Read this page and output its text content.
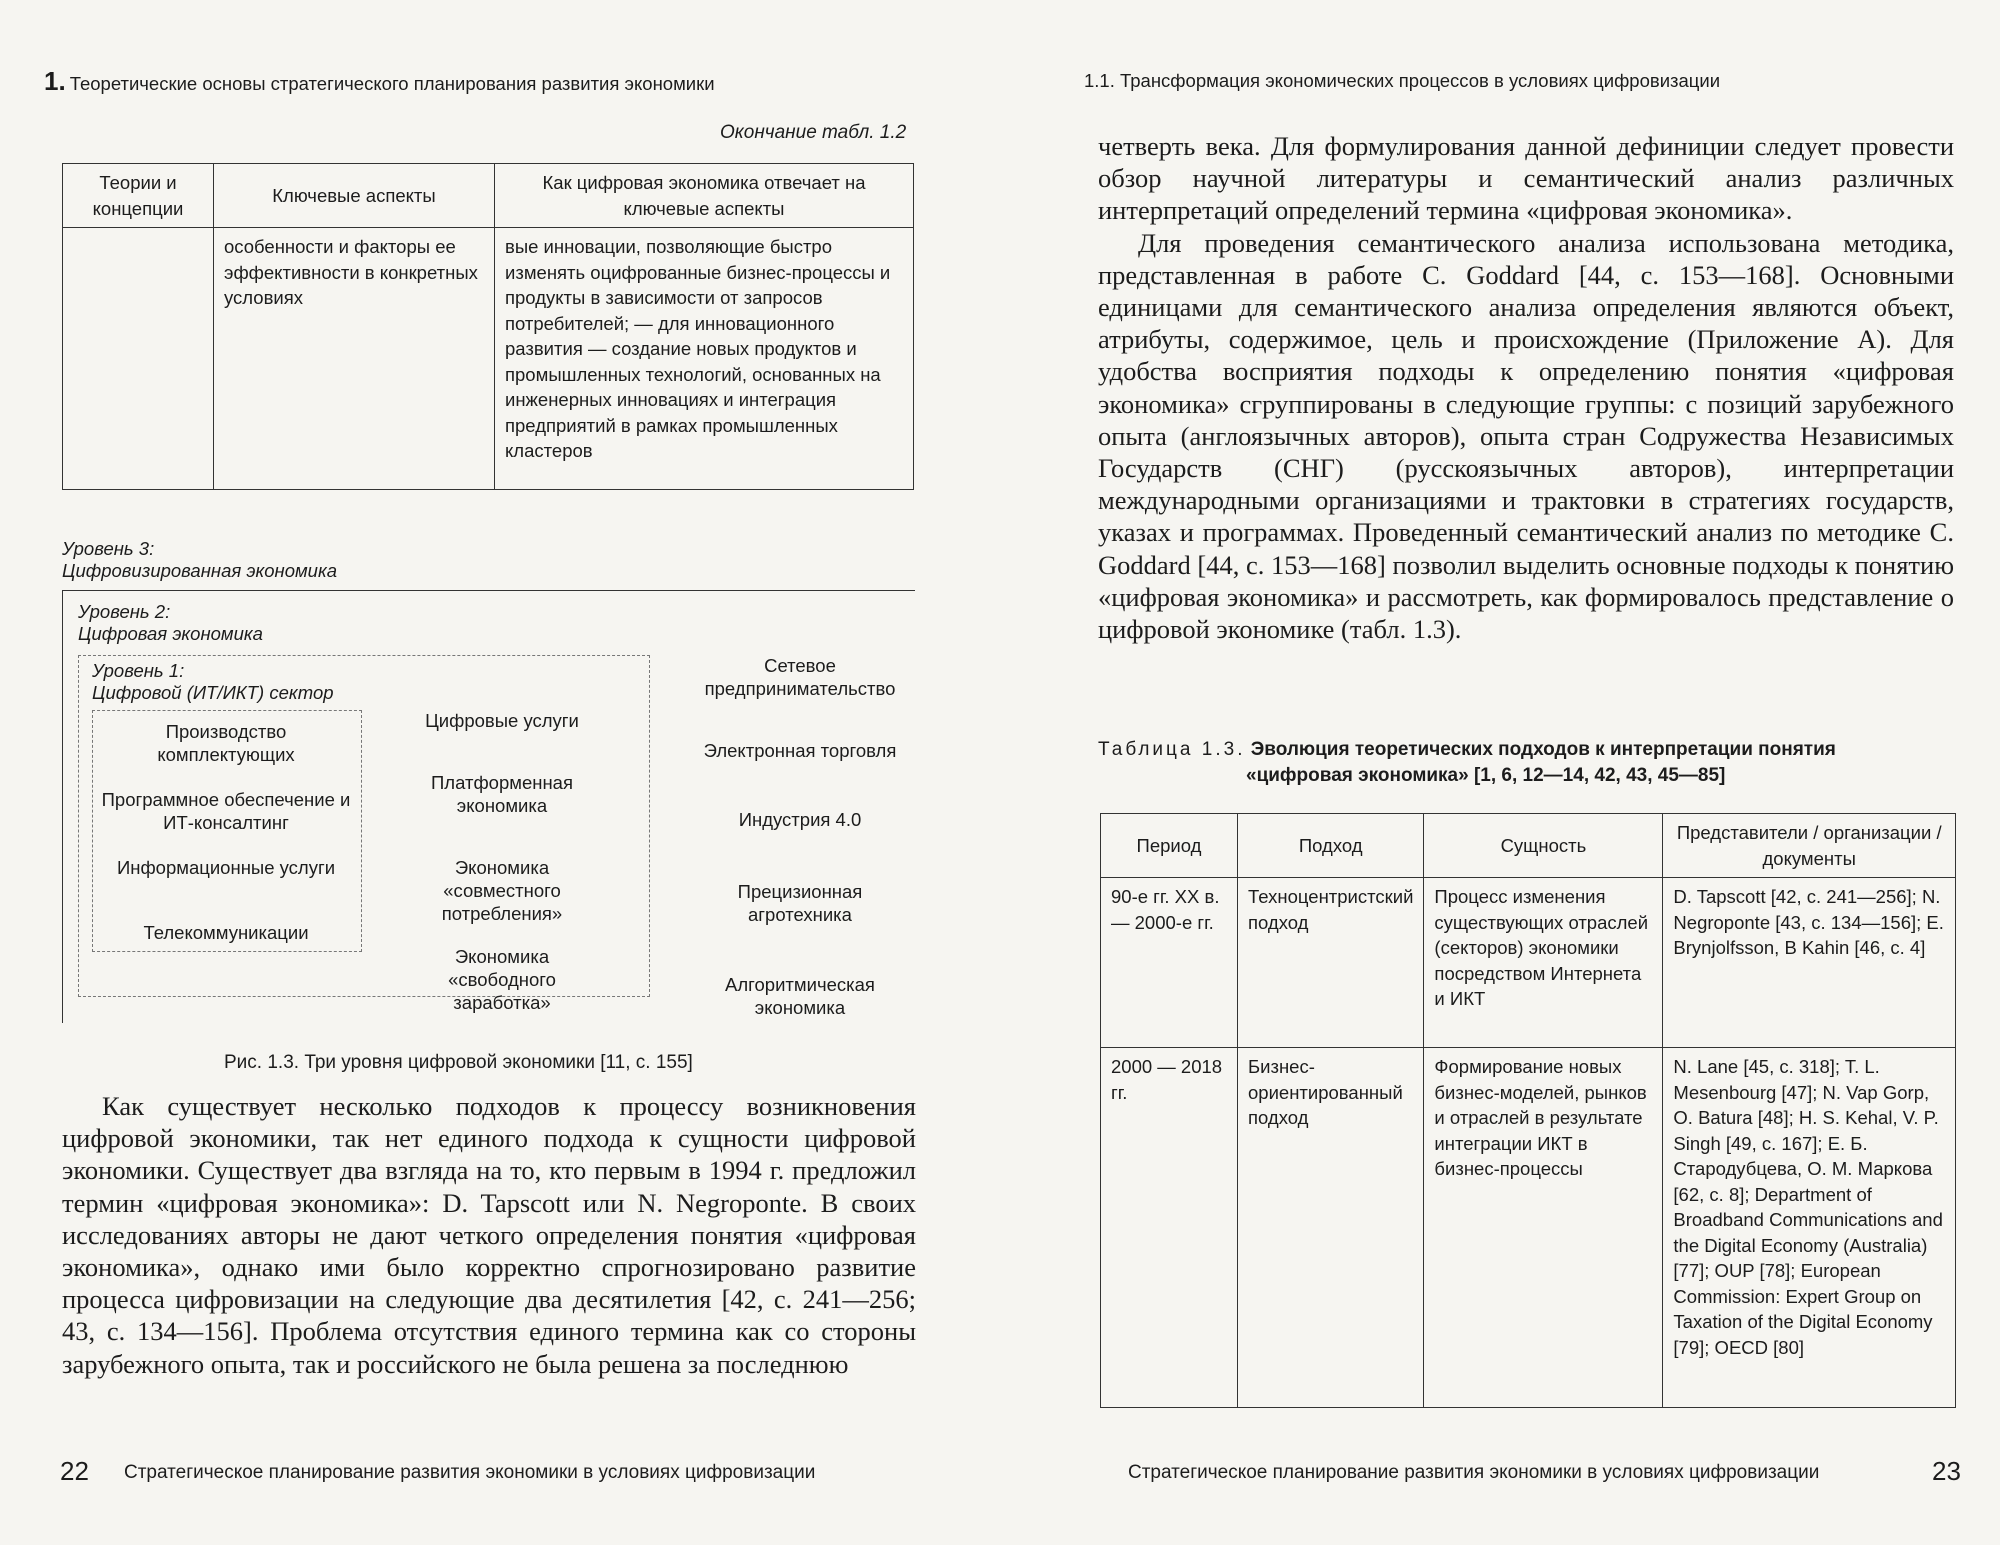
1. Теоретические основы стратегического планирования развития экономики
Окончание табл. 1.2
Теории и концепции	Ключевые аспекты	Как цифровая экономика отвечает на ключевые аспекты
	особенности и факторы ее эффективности в конкретных условиях	вые инновации, позволяющие быстро изменять оцифрованные бизнес-процессы и продукты в зависимости от запросов потребителей; — для инновационного развития — создание новых продуктов и промышленных технологий, основанных на инженерных инновациях и интеграция предприятий в рамках промышленных кластеров
Уровень 3:
Цифровизированная экономика
Уровень 2:
Цифровая экономика
Уровень 1:
Цифровой (ИТ/ИКТ) сектор
Производство комплектующих
Программное обеспечение и ИТ-консалтинг
Информационные услуги
Телекоммуникации
Цифровые услуги
Платформенная экономика
Экономика «совместного потребления»
Экономика «свободного заработка»
Сетевое предпринимательство
Электронная торговля
Индустрия 4.0
Прецизионная агротехника
Алгоритмическая экономика
Рис. 1.3. Три уровня цифровой экономики [11, с. 155]

Как существует несколько подходов к процессу возникновения цифровой экономики, так нет единого подхода к сущности цифровой экономики. Существует два взгляда на то, кто первым в 1994 г. предложил термин «цифровая экономика»: D. Tapscott или N. Negroponte. В своих исследованиях авторы не дают четкого определения понятия «цифровая экономика», однако ими было корректно спрогнозировано развитие процесса цифровизации на следующие два десятилетия [42, с. 241—256; 43, с. 134—156]. Проблема отсутствия единого термина как со стороны зарубежного опыта, так и российского не была решена за последнюю

22 Стратегическое планирование развития экономики в условиях цифровизации
1.1. Трансформация экономических процессов в условиях цифровизации

четверть века. Для формулирования данной дефиниции следует провести обзор научной литературы и семантический анализ различных интерпретаций определений термина «цифровая экономика».

Для проведения семантического анализа использована методика, представленная в работе C. Goddard [44, с. 153—168]. Основными единицами для семантического анализа определения являются объект, атрибуты, содержимое, цель и происхождение (Приложение А). Для удобства восприятия подходы к определению понятия «цифровая экономика» сгруппированы в следующие группы: с позиций зарубежного опыта (англоязычных авторов), опыта стран Содружества Независимых Государств (СНГ) (русскоязычных авторов), интерпретации международными организациями и трактовки в стратегиях государств, указах и программах. Проведенный семантический анализ по методике C. Goddard [44, с. 153—168] позволил выделить основные подходы к понятию «цифровая экономика» и рассмотреть, как формировалось представление о цифровой экономике (табл. 1.3).

Таблица 1.3. Эволюция теоретических подходов к интерпретации понятия
«цифровая экономика» [1, 6, 12—14, 42, 43, 45—85]
Период	Подход	Сущность	Представители / организации / документы
90-е гг. XX в. — 2000-е гг.	Техноцентристский подход	Процесс изменения существующих отраслей (секторов) экономики посредством Интернета и ИКТ	D. Tapscott [42, с. 241—256]; N. Negroponte [43, с. 134—156]; E. Brynjolfsson, B Kahin [46, с. 4]
2000 — 2018 гг.	Бизнес-ориентированный подход	Формирование новых бизнес-моделей, рынков и отраслей в результате интеграции ИКТ в бизнес-процессы	N. Lane [45, с. 318]; T. L. Mesenbourg [47]; N. Vap Gorp, O. Batura [48]; H. S. Kehal, V. P. Singh [49, с. 167]; Е. Б. Стародубцева, О. М. Маркова [62, с. 8]; Department of Broadband Communications and the Digital Economy (Australia) [77]; OUP [78]; European Commission: Expert Group on Taxation of the Digital Economy [79]; OECD [80]
Стратегическое планирование развития экономики в условиях цифровизации	23
